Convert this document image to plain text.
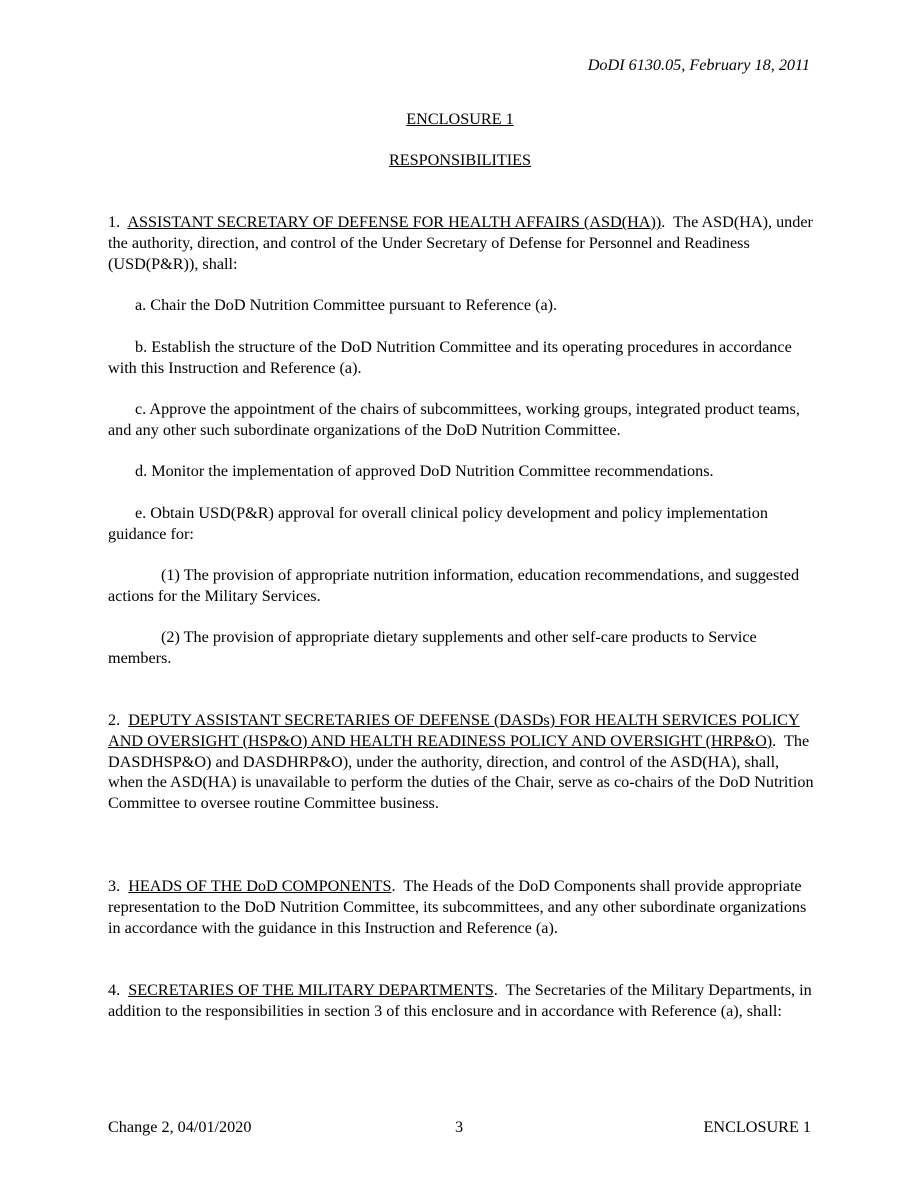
DoDI 6130.05, February 18, 2011
ENCLOSURE 1
RESPONSIBILITIES

1. ASSISTANT SECRETARY OF DEFENSE FOR HEALTH AFFAIRS (ASD(HA)).  The ASD(HA), under the authority, direction, and control of the Under Secretary of Defense for Personnel and Readiness (USD(P&R)), shall:

a. Chair the DoD Nutrition Committee pursuant to Reference (a).
b. Establish the structure of the DoD Nutrition Committee and its operating procedures in accordance with this Instruction and Reference (a).
c. Approve the appointment of the chairs of subcommittees, working groups, integrated product teams, and any other such subordinate organizations of the DoD Nutrition Committee.
d. Monitor the implementation of approved DoD Nutrition Committee recommendations.
e. Obtain USD(P&R) approval for overall clinical policy development and policy implementation guidance for:
(1) The provision of appropriate nutrition information, education recommendations, and suggested actions for the Military Services.
(2) The provision of appropriate dietary supplements and other self-care products to Service members.

2. DEPUTY ASSISTANT SECRETARIES OF DEFENSE (DASDs) FOR HEALTH SERVICES POLICY AND OVERSIGHT (HSP&O) AND HEALTH READINESS POLICY AND OVERSIGHT (HRP&O).  The DASDHSP&O) and DASDHRP&O), under the authority, direction, and control of the ASD(HA), shall, when the ASD(HA) is unavailable to perform the duties of the Chair, serve as co-chairs of the DoD Nutrition Committee to oversee routine Committee business.

3. HEADS OF THE DoD COMPONENTS.  The Heads of the DoD Components shall provide appropriate representation to the DoD Nutrition Committee, its subcommittees, and any other subordinate organizations in accordance with the guidance in this Instruction and Reference (a).

4. SECRETARIES OF THE MILITARY DEPARTMENTS.  The Secretaries of the Military Departments, in addition to the responsibilities in section 3 of this enclosure and in accordance with Reference (a), shall:

Change 2, 04/01/2020	3	ENCLOSURE 1
